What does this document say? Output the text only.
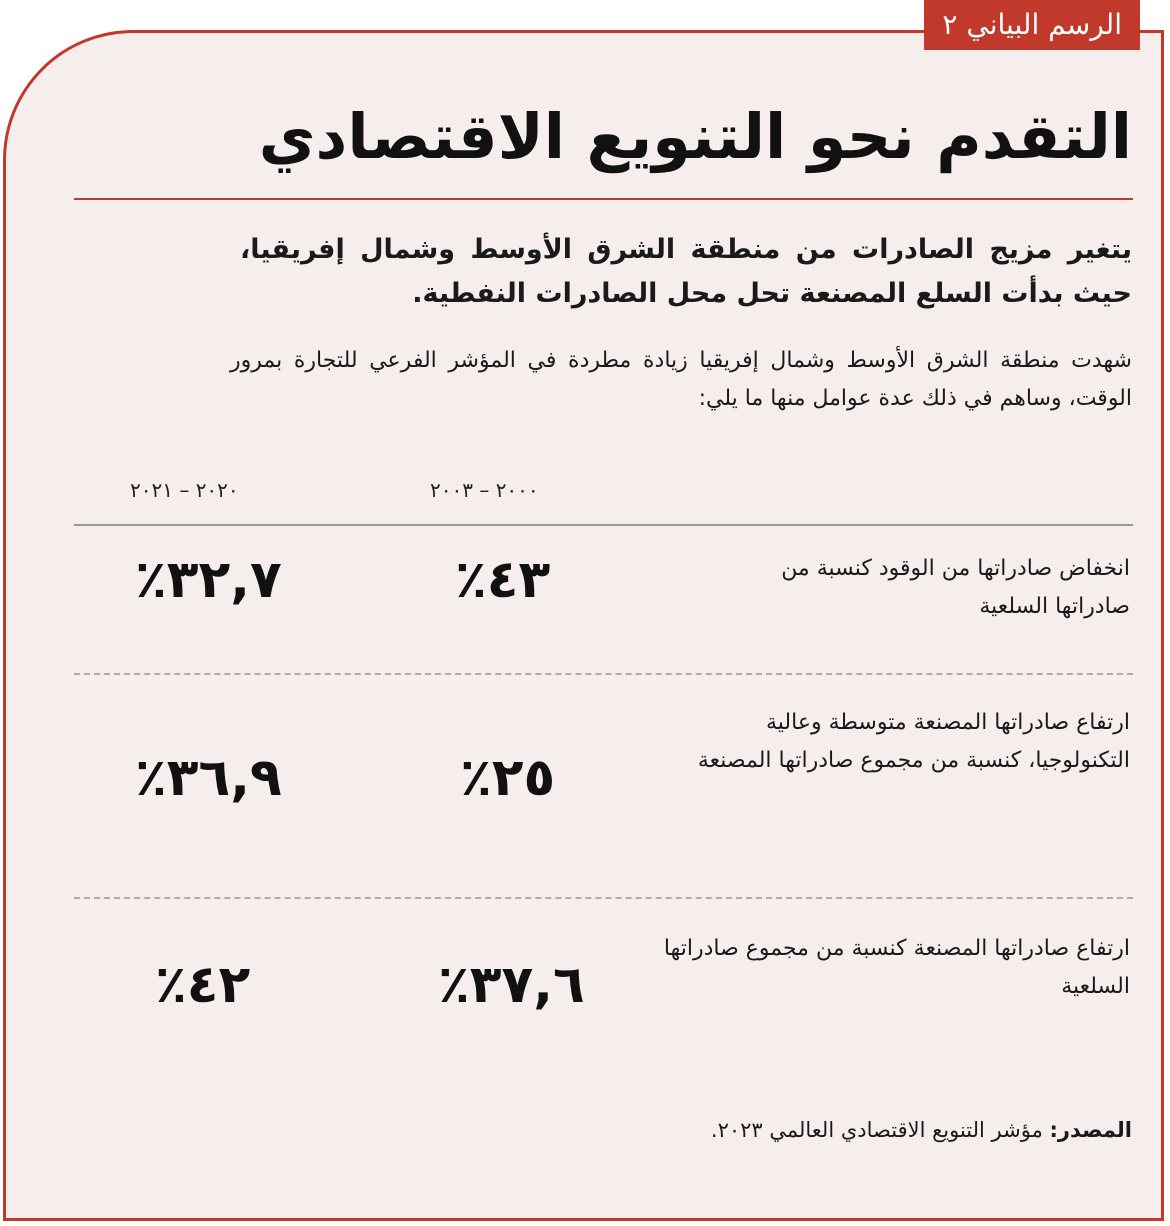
الرسم البياني ٢
التقدم نحو التنويع الاقتصادي
يتغير مزيج الصادرات من منطقة الشرق الأوسط وشمال إفريقيا، حيث بدأت السلع المصنعة تحل محل الصادرات النفطية.
شهدت منطقة الشرق الأوسط وشمال إفريقيا زيادة مطردة في المؤشر الفرعي للتجارة بمرور الوقت، وساهم في ذلك عدة عوامل منها ما يلي:
٢٠٠٠ – ٢٠٠٣
٢٠٢٠ – ٢٠٢١
انخفاض صادراتها من الوقود كنسبة من صادراتها السلعية
٤٣٪
٣٢,٧٪
ارتفاع صادراتها المصنعة متوسطة وعالية التكنولوجيا، كنسبة من مجموع صادراتها المصنعة
٢٥٪
٣٦,٩٪
ارتفاع صادراتها المصنعة كنسبة من مجموع صادراتها السلعية
٣٧,٦٪
٤٢٪
المصدر: مؤشر التنويع الاقتصادي العالمي ٢٠٢٣.
